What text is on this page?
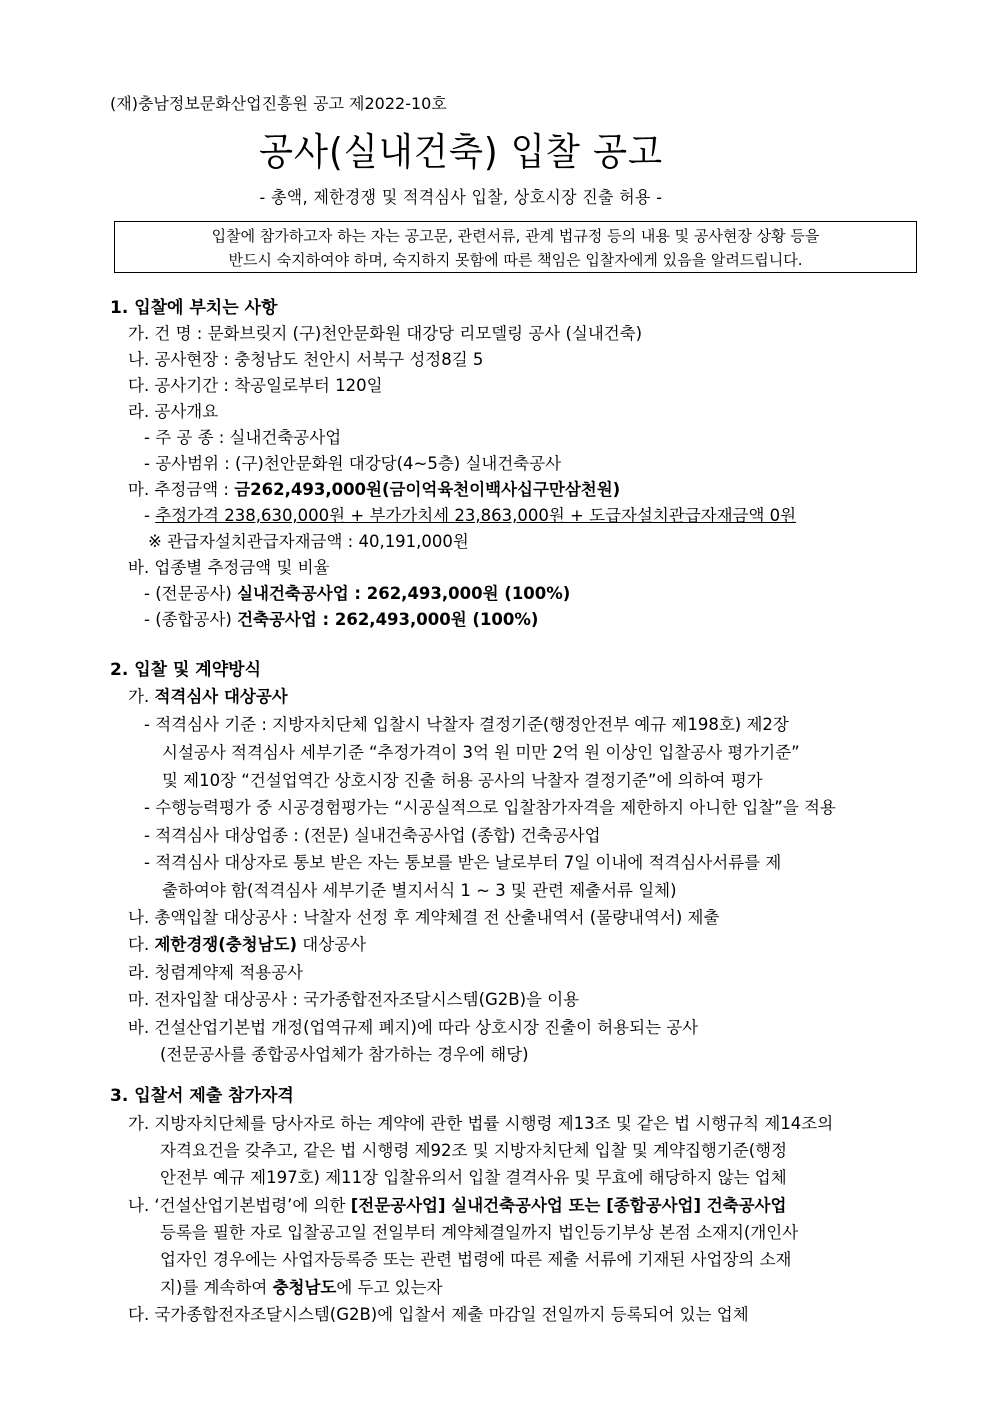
(재)충남정보문화산업진흥원 공고 제2022-10호
공사(실내건축) 입찰 공고
- 총액, 제한경쟁 및 적격심사 입찰, 상호시장 진출 허용 -
입찰에 참가하고자 하는 자는 공고문, 관련서류, 관계 법규정 등의 내용 및 공사현장 상황 등을
반드시 숙지하여야 하며, 숙지하지 못함에 따른 책임은 입찰자에게 있음을 알려드립니다.
1. 입찰에 부치는 사항
가. 건 명 : 문화브릿지 (구)천안문화원 대강당 리모델링 공사 (실내건축)
나. 공사현장 : 충청남도 천안시 서북구 성정8길 5
다. 공사기간 : 착공일로부터 120일
라. 공사개요
- 주 공 종 : 실내건축공사업
- 공사범위 : (구)천안문화원 대강당(4~5층) 실내건축공사
마. 추정금액 : 금262,493,000원(금이억육천이백사십구만삼천원)
- 추정가격 238,630,000원 + 부가가치세 23,863,000원 + 도급자설치관급자재금액 0원
※ 관급자설치관급자재금액 : 40,191,000원
바. 업종별 추정금액 및 비율
- (전문공사) 실내건축공사업 : 262,493,000원 (100%)
- (종합공사) 건축공사업 : 262,493,000원 (100%)
2. 입찰 및 계약방식
가. 적격심사 대상공사
- 적격심사 기준 : 지방자치단체 입찰시 낙찰자 결정기준(행정안전부 예규 제198호) 제2장
시설공사 적격심사 세부기준 “추정가격이 3억 원 미만 2억 원 이상인 입찰공사 평가기준”
및 제10장 “건설업역간 상호시장 진출 허용 공사의 낙찰자 결정기준”에 의하여 평가
- 수행능력평가 중 시공경험평가는 “시공실적으로 입찰참가자격을 제한하지 아니한 입찰”을 적용
- 적격심사 대상업종 : (전문) 실내건축공사업 (종합) 건축공사업
- 적격심사 대상자로 통보 받은 자는 통보를 받은 날로부터 7일 이내에 적격심사서류를 제
출하여야 함(적격심사 세부기준 별지서식 1 ~ 3 및 관련 제출서류 일체)
나. 총액입찰 대상공사 : 낙찰자 선정 후 계약체결 전 산출내역서 (물량내역서) 제출
다. 제한경쟁(충청남도) 대상공사
라. 청렴계약제 적용공사
마. 전자입찰 대상공사 : 국가종합전자조달시스템(G2B)을 이용
바. 건설산업기본법 개정(업역규제 폐지)에 따라 상호시장 진출이 허용되는 공사
(전문공사를 종합공사업체가 참가하는 경우에 해당)
3. 입찰서 제출 참가자격
가. 지방자치단체를 당사자로 하는 계약에 관한 법률 시행령 제13조 및 같은 법 시행규칙 제14조의
자격요건을 갖추고, 같은 법 시행령 제92조 및 지방자치단체 입찰 및 계약집행기준(행정
안전부 예규 제197호) 제11장 입찰유의서 입찰 결격사유 및 무효에 해당하지 않는 업체
나. ‘건설산업기본법령’에 의한 [전문공사업] 실내건축공사업 또는 [종합공사업] 건축공사업
등록을 필한 자로 입찰공고일 전일부터 계약체결일까지 법인등기부상 본점 소재지(개인사
업자인 경우에는 사업자등록증 또는 관련 법령에 따른 제출 서류에 기재된 사업장의 소재
지)를 계속하여 충청남도에 두고 있는자
다. 국가종합전자조달시스템(G2B)에 입찰서 제출 마감일 전일까지 등록되어 있는 업체
